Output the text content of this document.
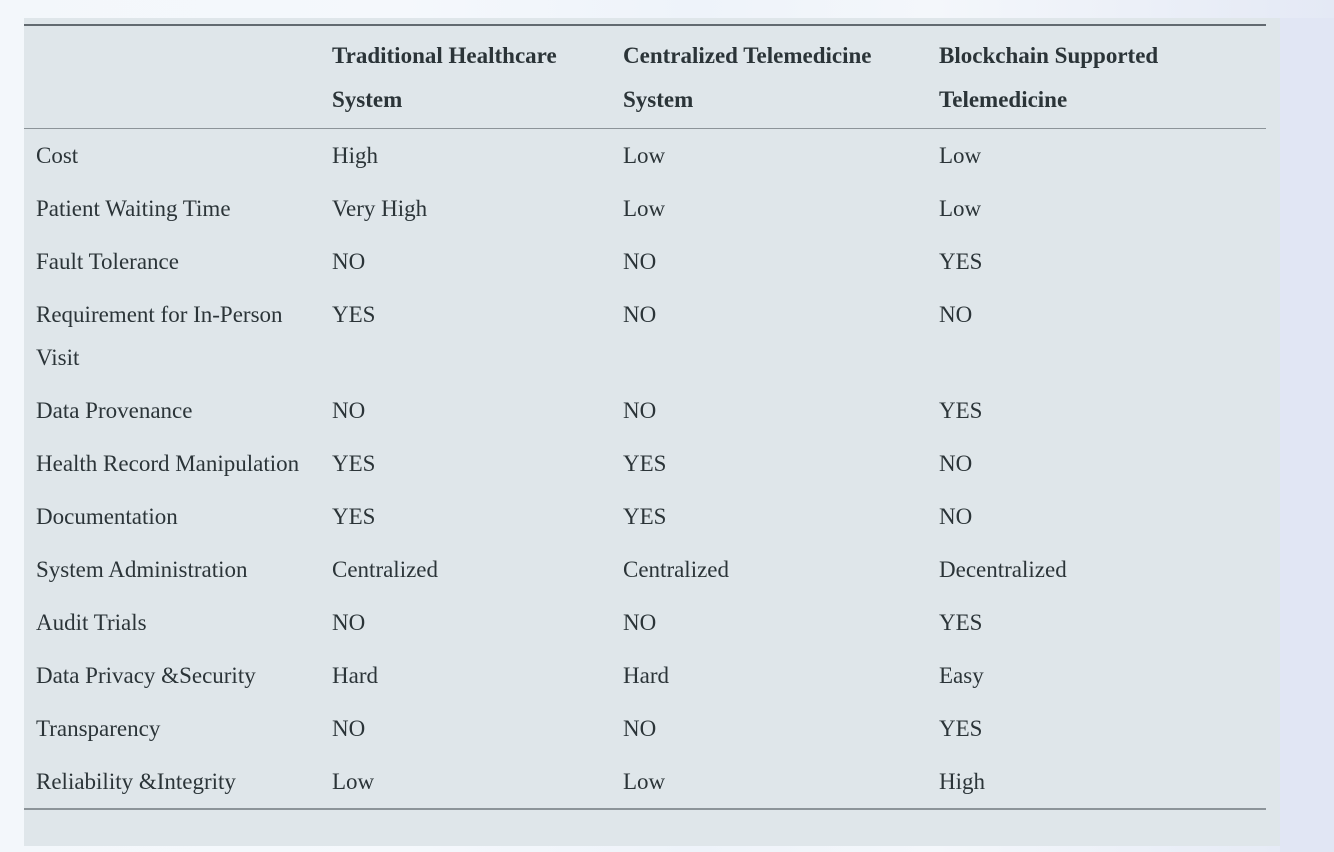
	Traditional Healthcare System	Centralized Telemedicine System	Blockchain Supported Telemedicine
Cost	High	Low	Low
Patient Waiting Time	Very High	Low	Low
Fault Tolerance	NO	NO	YES
Requirement for In-Person Visit	YES	NO	NO
Data Provenance	NO	NO	YES
Health Record Manipulation	YES	YES	NO
Documentation	YES	YES	NO
System Administration	Centralized	Centralized	Decentralized
Audit Trials	NO	NO	YES
Data Privacy &Security	Hard	Hard	Easy
Transparency	NO	NO	YES
Reliability &Integrity	Low	Low	High
